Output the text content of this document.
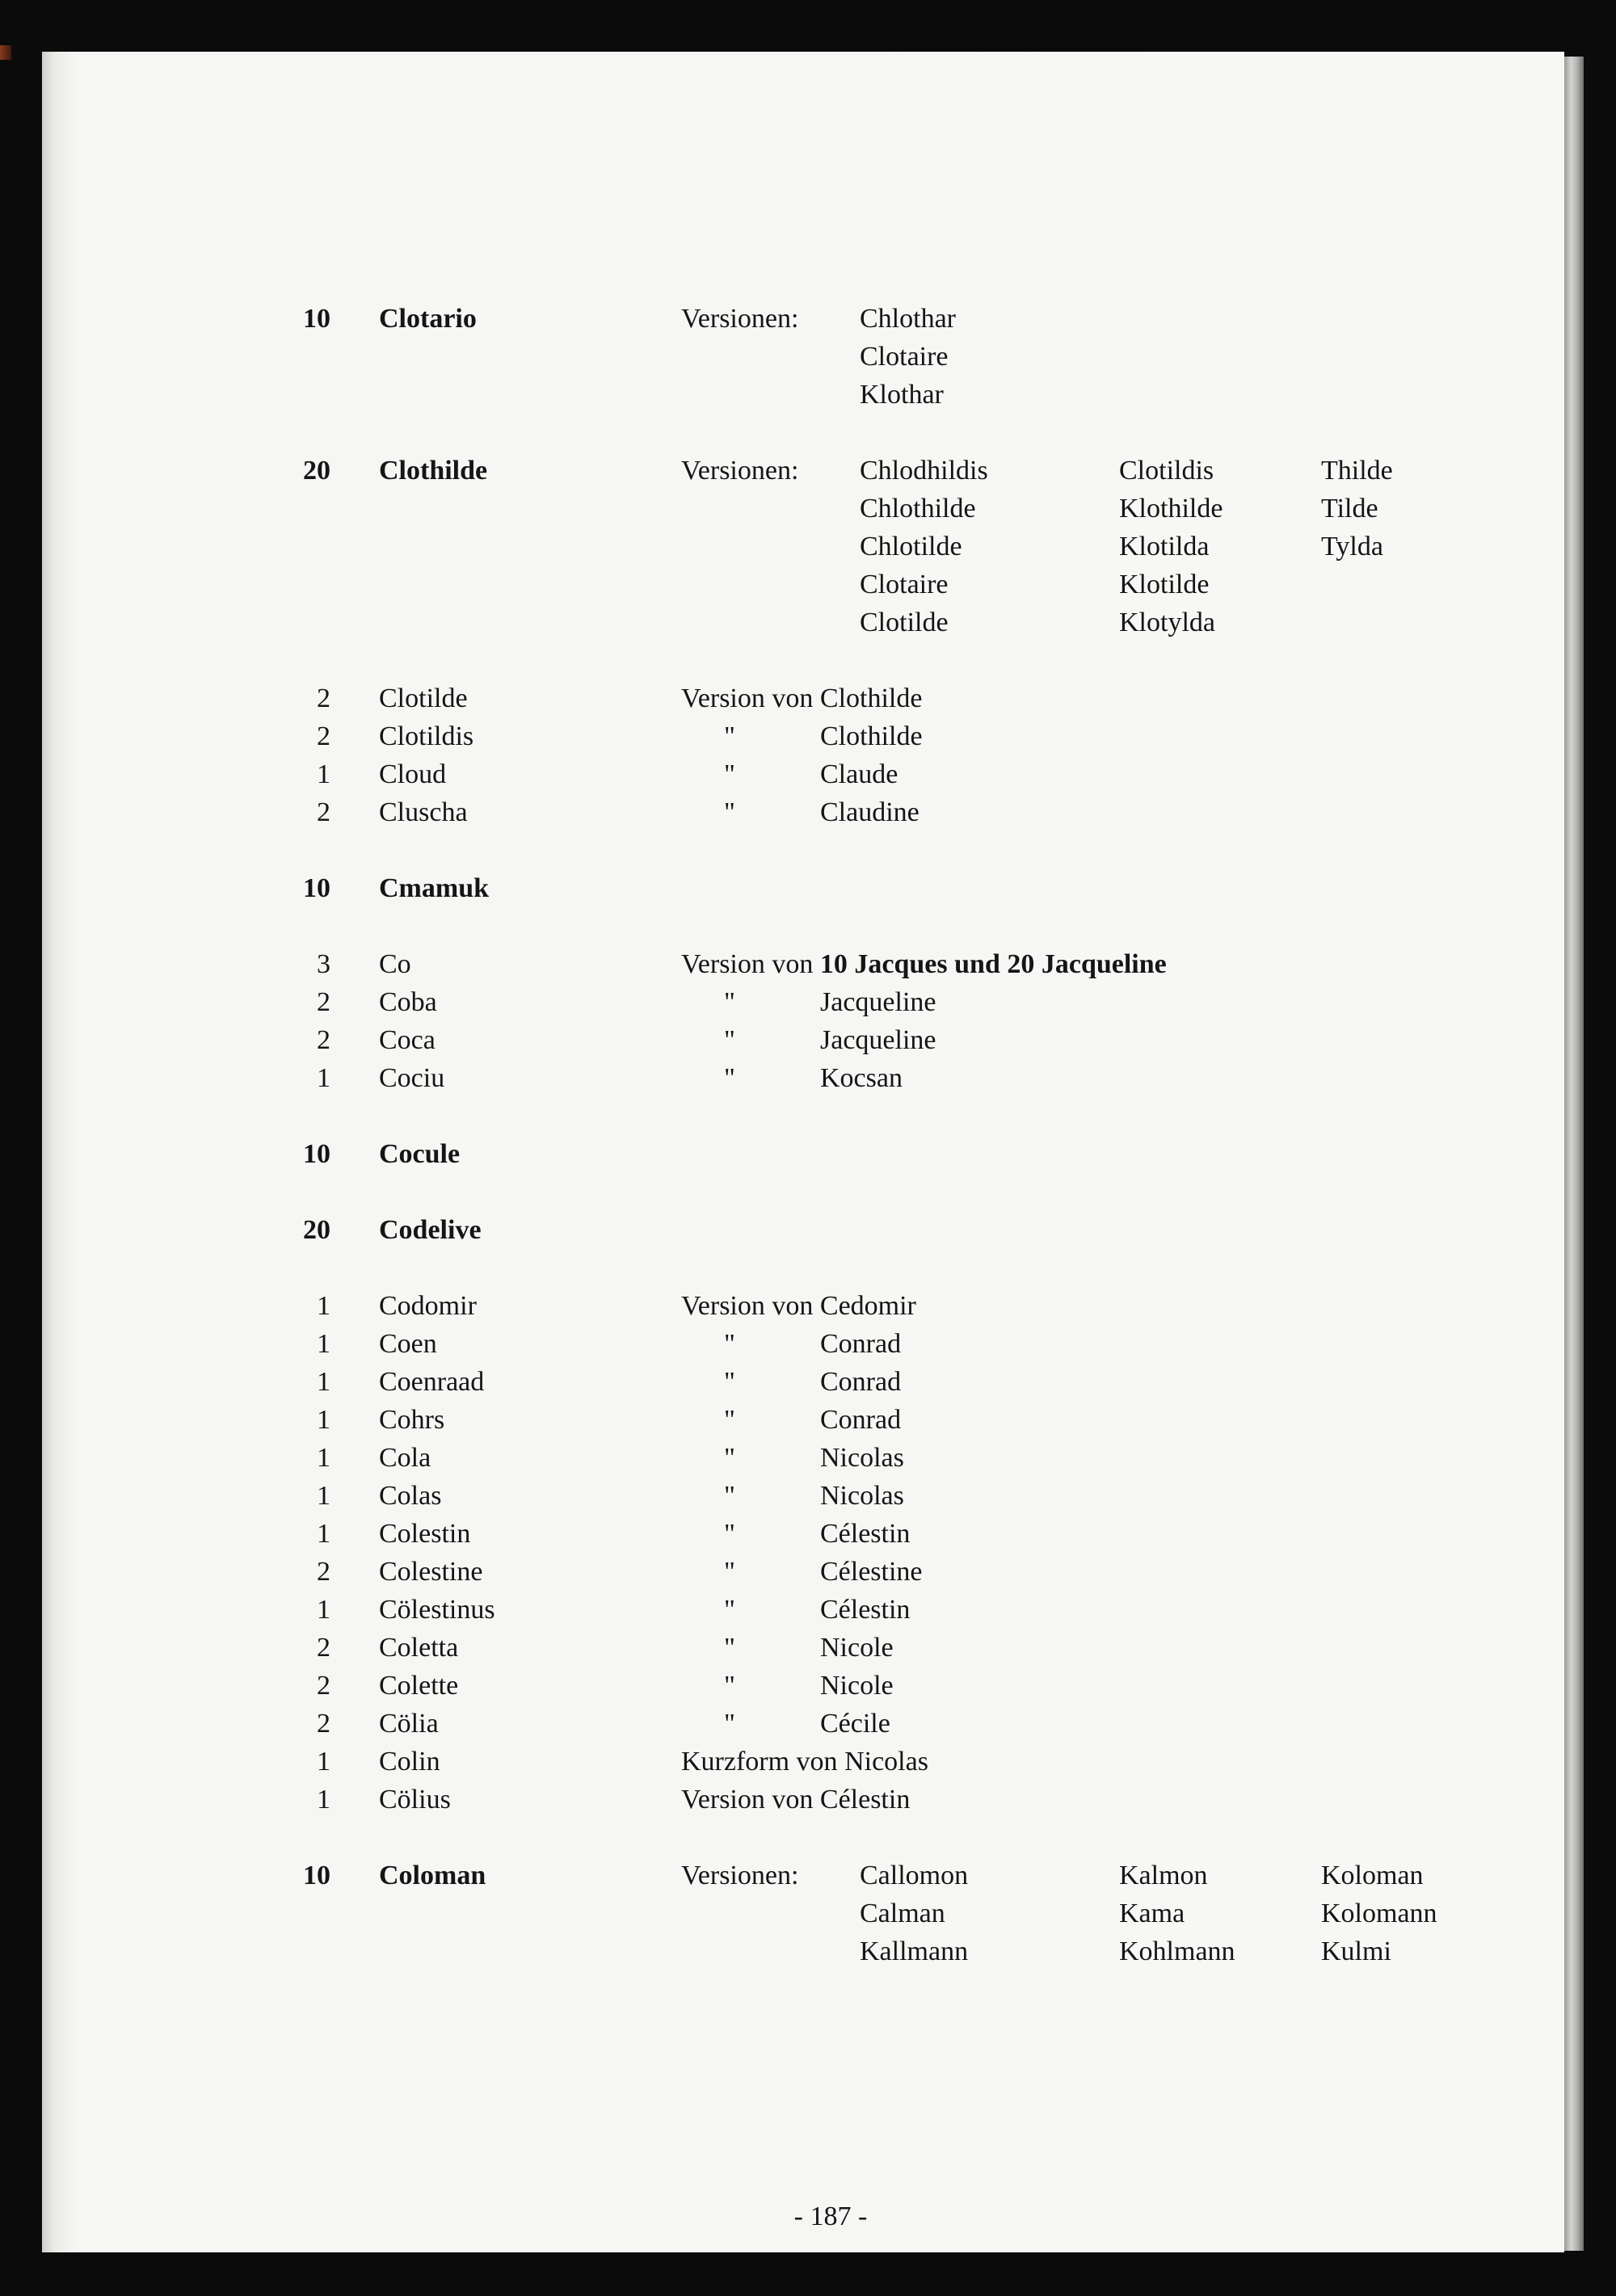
10 Clotario	Versionen: Chlothar
Clotaire
Klothar
20 Clothilde	Versionen: Chlodhildis	Clotildis	Thilde
Chlothilde	Klothilde	Tilde
Chlotilde	Klotilda	Tylda
Clotaire	Klotilde
Clotilde	Klotylda
2 Clotilde	Version von Clothilde
2 Clotildis	"	Clothilde
1 Cloud	"	Claude
2 Cluscha	"	Claudine
10 Cmamuk
3 Co	Version von 10 Jacques und 20 Jacqueline
2 Coba	"	Jacqueline
2 Coca	"	Jacqueline
1 Cociu	"	Kocsan
10 Cocule
20 Codelive
1 Codomir	Version von Cedomir
1 Coen	"	Conrad
1 Coenraad	"	Conrad
1 Cohrs	"	Conrad
1 Cola	"	Nicolas
1 Colas	"	Nicolas
1 Colestin	"	Célestin
2 Colestine	"	Célestine
1 Cölestinus	"	Célestin
2 Coletta	"	Nicole
2 Colette	"	Nicole
2 Cölia	"	Cécile
1 Colin	Kurzform von Nicolas
1 Cölius	Version von Célestin
10 Coloman	Versionen: Callomon	Kalmon	Koloman
Calman	Kama	Kolomann
Kallmann	Kohlmann	Kulmi
- 187 -
